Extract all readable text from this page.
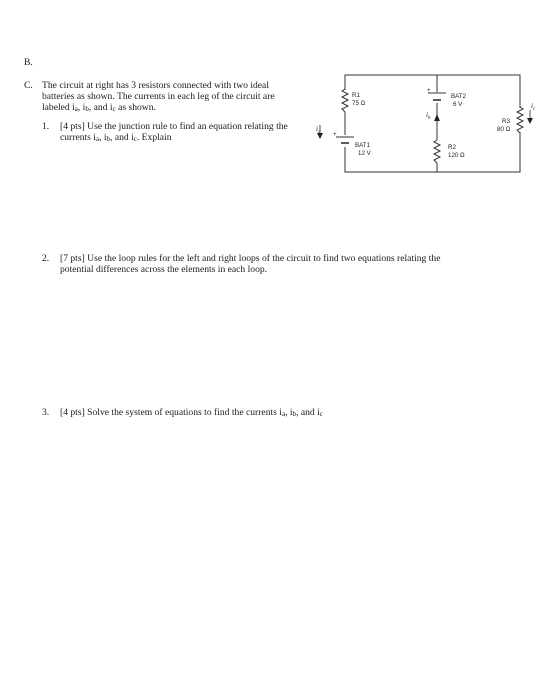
B.
C. The circuit at right has 3 resistors connected with two ideal
batteries as shown. The currents in each leg of the circuit are
labeled $i_a$, $i_b$, and $i_c$ as shown.
1. [4 pts] Use the junction rule to find an equation relating the
currents $i_a$, $i_b$, and $i_c$. Explain
2. [7 pts] Use the loop rules for the left and right loops of the circuit to find two equations relating the
potential differences across the elements in each loop.
3. [4 pts] Solve the system of equations to find the currents $i_a$, $i_b$, and $i_c$
+
+
R1
75 Ω
BAT1
12 V
BAT2
6 V
R2
120 Ω
R3
80 Ω
$i_a$
$i_b$
$i_c$
